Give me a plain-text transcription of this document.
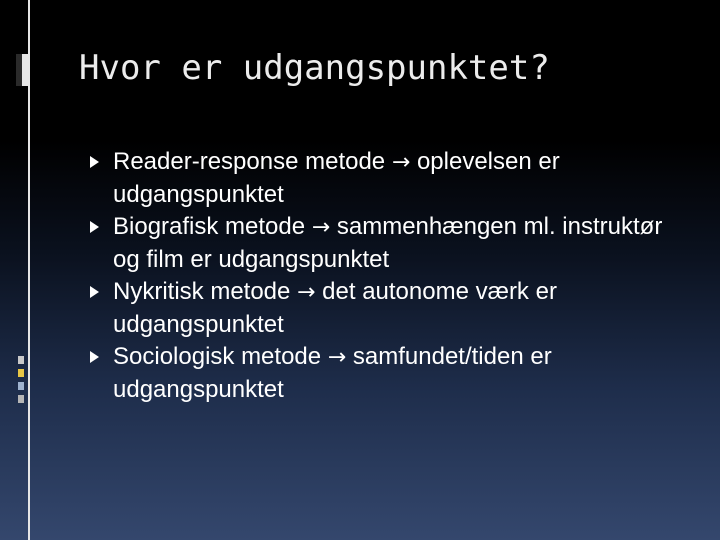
Hvor er udgangspunktet?
Reader-response metode → oplevelsen er udgangspunktet
Biografisk metode → sammenhængen ml. instruktør og film er udgangspunktet
Nykritisk metode → det autonome værk er udgangspunktet
Sociologisk metode → samfundet/tiden er udgangspunktet
